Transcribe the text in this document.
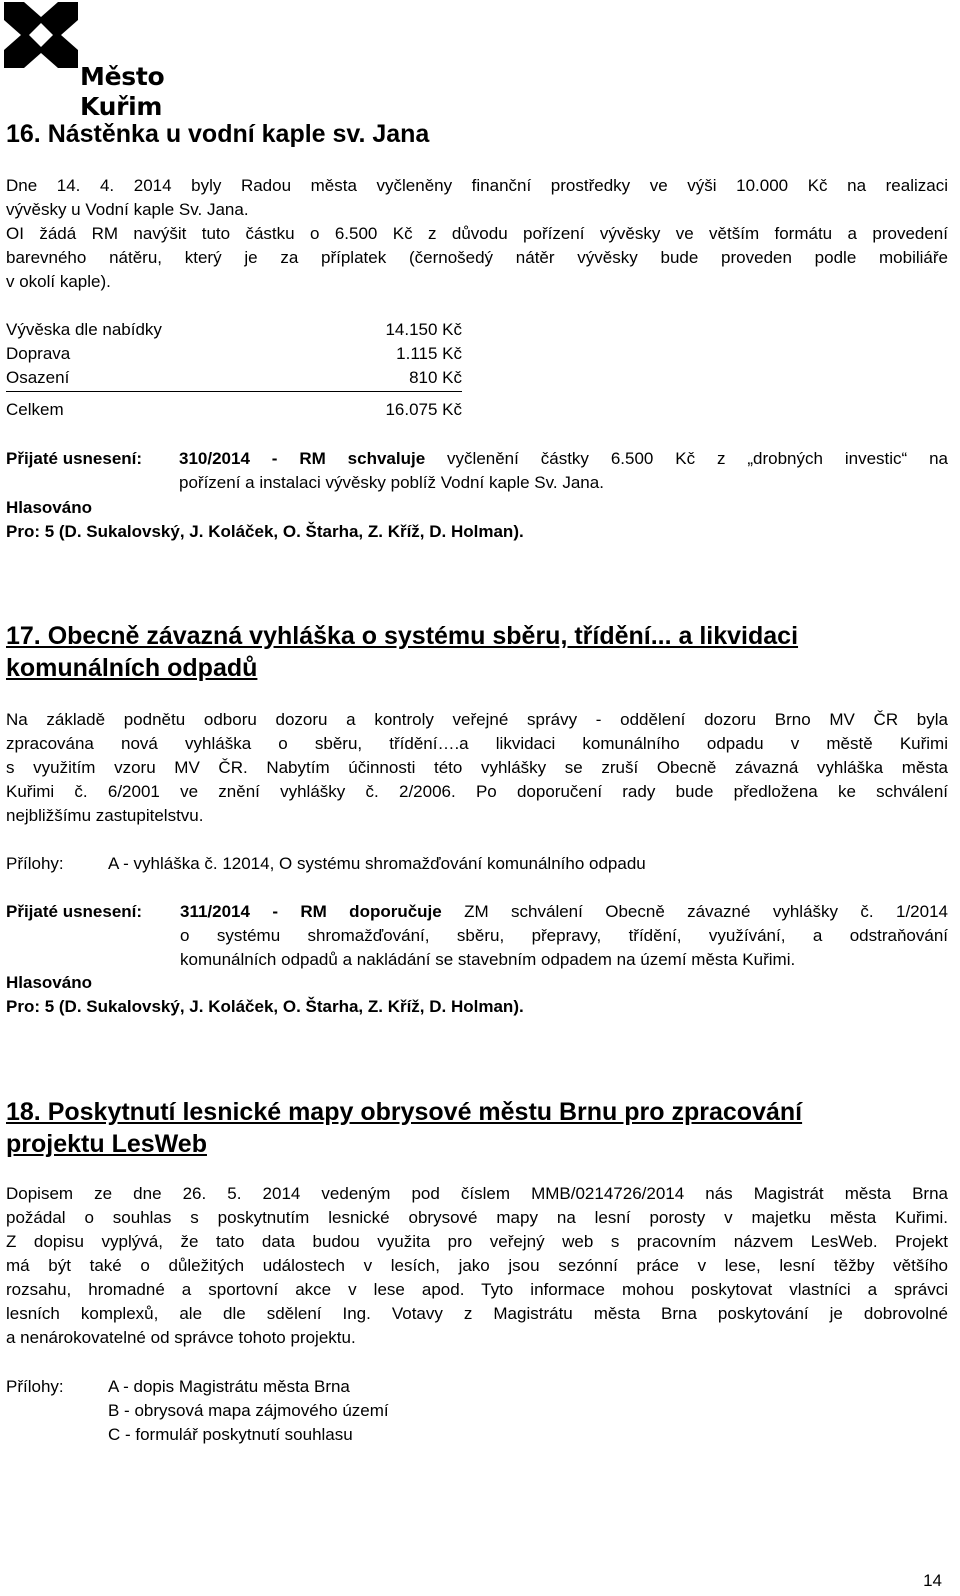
Město Kuřim
16. Nástěnka u vodní kaple sv. Jana
Dne 14. 4. 2014 byly Radou města vyčleněny finanční prostředky ve výši 10.000 Kč na realizaci
vývěsky u Vodní kaple Sv. Jana.
OI žádá RM navýšit tuto částku o 6.500 Kč z důvodu pořízení vývěsky ve větším formátu a provedení
barevného nátěru, který je za příplatek (černošedý nátěr vývěsky bude proveden podle mobiliáře
v okolí kaple).
Vývěska dle nabídky	14.150 Kč
Doprava	1.115 Kč
Osazení	810 Kč
Celkem	16.075 Kč
Přijaté usnesení: 310/2014 - RM schvaluje vyčlenění částky 6.500 Kč z „drobných investic“ na
pořízení a instalaci vývěsky poblíž Vodní kaple Sv. Jana.
Hlasováno
Pro: 5 (D. Sukalovský, J. Koláček, O. Štarha, Z. Kříž, D. Holman).
17. Obecně závazná vyhláška o systému sběru, třídění... a likvidaci
komunálních odpadů
Na základě podnětu odboru dozoru a kontroly veřejné správy - oddělení dozoru Brno MV ČR byla
zpracována nová vyhláška o sběru, třídění….a likvidaci komunálního odpadu v městě Kuřimi
s využitím vzoru MV ČR. Nabytím účinnosti této vyhlášky se zruší Obecně závazná vyhláška města
Kuřimi č. 6/2001 ve znění vyhlášky č. 2/2006. Po doporučení rady bude předložena ke schválení
nejbližšímu zastupitelstvu.
Přílohy:	A - vyhláška č. 12014, O systému shromažďování komunálního odpadu
Přijaté usnesení: 311/2014 - RM doporučuje ZM schválení Obecně závazné vyhlášky č. 1/2014
o systému shromažďování, sběru, přepravy, třídění, využívání, a odstraňování
komunálních odpadů a nakládání se stavebním odpadem na území města Kuřimi.
Hlasováno
Pro: 5 (D. Sukalovský, J. Koláček, O. Štarha, Z. Kříž, D. Holman).
18. Poskytnutí lesnické mapy obrysové městu Brnu pro zpracování
projektu LesWeb
Dopisem ze dne 26. 5. 2014 vedeným pod číslem MMB/0214726/2014 nás Magistrát města Brna
požádal o souhlas s poskytnutím lesnické obrysové mapy na lesní porosty v majetku města Kuřimi.
Z dopisu vyplývá, že tato data budou využita pro veřejný web s pracovním názvem LesWeb. Projekt
má být také o důležitých událostech v lesích, jako jsou sezónní práce v lese, lesní těžby většího
rozsahu, hromadné a sportovní akce v lese apod. Tyto informace mohou poskytovat vlastníci a správci
lesních komplexů, ale dle sdělení Ing. Votavy z Magistrátu města Brna poskytování je dobrovolné
a nenárokovatelné od správce tohoto projektu.
Přílohy:	A - dopis Magistrátu města Brna
B - obrysová mapa zájmového území
C - formulář poskytnutí souhlasu
14
